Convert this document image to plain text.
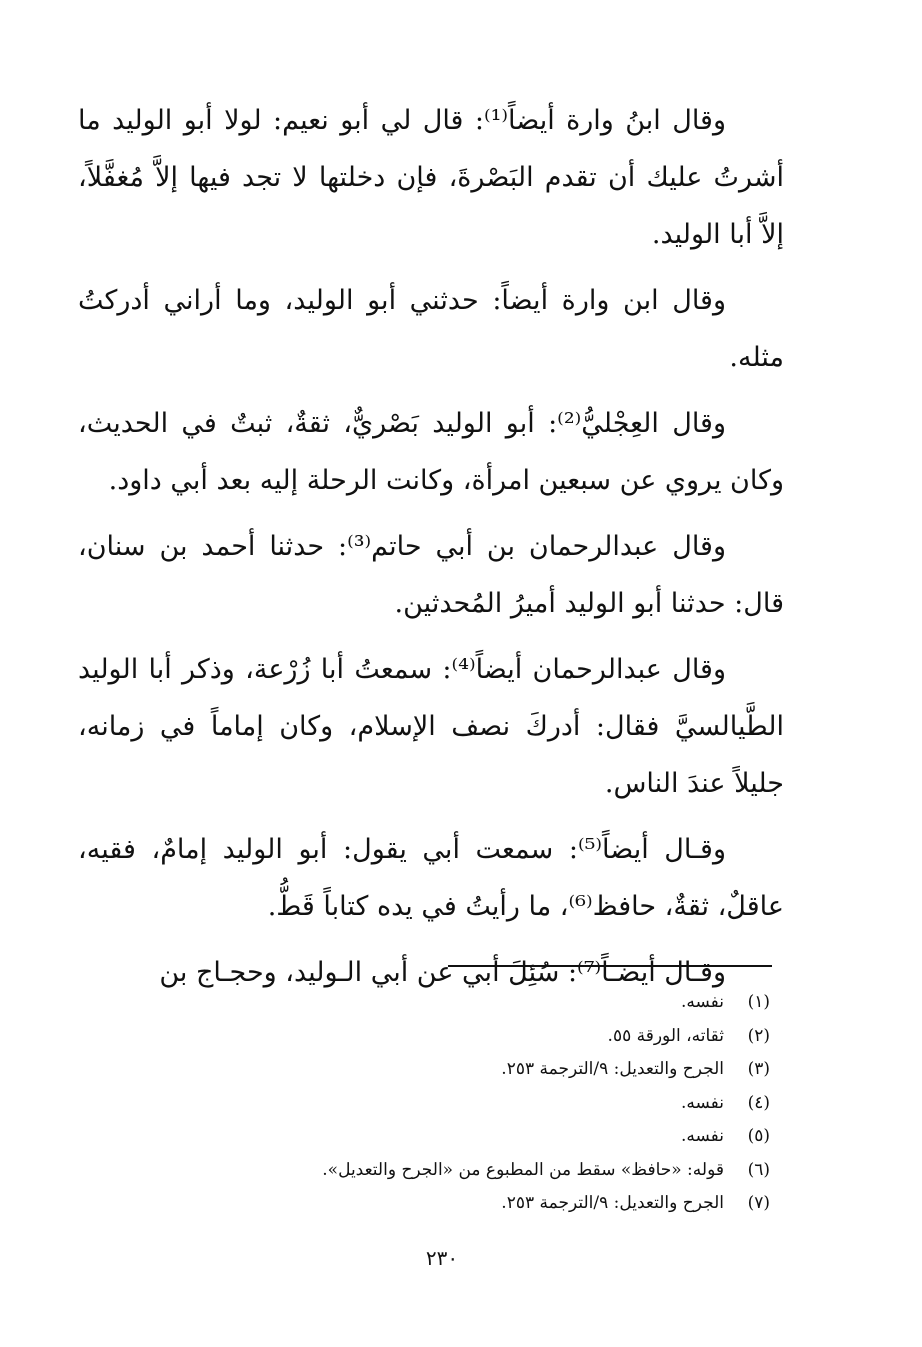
وقال ابنُ وارة أيضاً⁽¹⁾: قال لي أبو نعيم: لولا أبو الوليد ما أشرتُ عليك أن تقدم البَصْرةَ، فإن دخلتها لا تجد فيها إلاَّ مُغفَّلاً، إلاَّ أبا الوليد.

وقال ابن وارة أيضاً: حدثني أبو الوليد، وما أراني أدركتُ مثله.

وقال العِجْليُّ⁽²⁾: أبو الوليد بَصْريٌّ، ثقةٌ، ثبتٌ في الحديث، وكان يروي عن سبعين امرأة، وكانت الرحلة إليه بعد أبي داود.

وقال عبدالرحمان بن أبي حاتم⁽³⁾: حدثنا أحمد بن سنان، قال: حدثنا أبو الوليد أميرُ المُحدثين.

وقال عبدالرحمان أيضاً⁽⁴⁾: سمعتُ أبا زُرْعة، وذكر أبا الوليد الطَّيالسيَّ فقال: أدركَ نصف الإسلام، وكان إماماً في زمانه، جليلاً عندَ الناس.

وقـال أيضاً⁽⁵⁾: سمعت أبي يقول: أبو الوليد إمامٌ، فقيه، عاقلٌ، ثقةٌ، حافظ⁽⁶⁾، ما رأيتُ في يده كتاباً قَطُّ.

وقـال أيضـاً⁽⁷⁾: سُئِلَ أبي عن أبي الـوليد، وحجـاج بن

(١)
نفسه.
(٢)
ثقاته، الورقة ٥٥.
(٣)
الجرح والتعديل: ٩/الترجمة ٢٥٣.
(٤)
نفسه.
(٥)
نفسه.
(٦)
قوله: «حافظ» سقط من المطبوع من «الجرح والتعديل».
(٧)
الجرح والتعديل: ٩/الترجمة ٢٥٣.
٢٣٠
